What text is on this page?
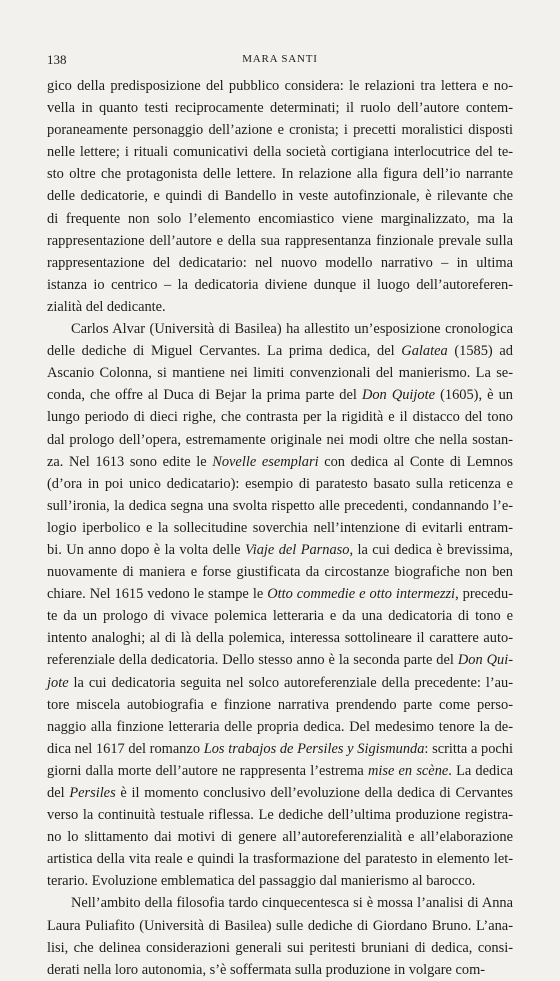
138	MARA SANTI
gico della predisposizione del pubblico considera: le relazioni tra lettera e no-
vella in quanto testi reciprocamente determinati; il ruolo dell’autore contem-
poraneamente personaggio dell’azione e cronista; i precetti moralistici disposti
nelle lettere; i rituali comunicativi della società cortigiana interlocutrice del te-
sto oltre che protagonista delle lettere. In relazione alla figura dell’io narrante
delle dedicatorie, e quindi di Bandello in veste autofinzionale, è rilevante che
di frequente non solo l’elemento encomiastico viene marginalizzato, ma la
rappresentazione dell’autore e della sua rappresentanza finzionale prevale sulla
rappresentazione del dedicatario: nel nuovo modello narrativo – in ultima
istanza io centrico – la dedicatoria diviene dunque il luogo dell’autoreferen-
zialità del dedicante.
Carlos Alvar (Università di Basilea) ha allestito un’esposizione cronologica
delle dediche di Miguel Cervantes. La prima dedica, del Galatea (1585) ad
Ascanio Colonna, si mantiene nei limiti convenzionali del manierismo. La se-
conda, che offre al Duca di Bejar la prima parte del Don Quijote (1605), è un
lungo periodo di dieci righe, che contrasta per la rigidità e il distacco del tono
dal prologo dell’opera, estremamente originale nei modi oltre che nella sostan-
za. Nel 1613 sono edite le Novelle esemplari con dedica al Conte di Lemnos
(d’ora in poi unico dedicatario): esempio di paratesto basato sulla reticenza e
sull’ironia, la dedica segna una svolta rispetto alle precedenti, condannando l’e-
logio iperbolico e la sollecitudine soverchia nell’intenzione di evitarli entram-
bi. Un anno dopo è la volta delle Viaje del Parnaso, la cui dedica è brevissima,
nuovamente di maniera e forse giustificata da circostanze biografiche non ben
chiare. Nel 1615 vedono le stampe le Otto commedie e otto intermezzi, precedu-
te da un prologo di vivace polemica letteraria e da una dedicatoria di tono e
intento analoghi; al di là della polemica, interessa sottolineare il carattere auto-
referenziale della dedicatoria. Dello stesso anno è la seconda parte del Don Qui-
jote la cui dedicatoria seguita nel solco autoreferenziale della precedente: l’au-
tore miscela autobiografia e finzione narrativa prendendo parte come perso-
naggio alla finzione letteraria delle propria dedica. Del medesimo tenore la de-
dica nel 1617 del romanzo Los trabajos de Persiles y Sigismunda: scritta a pochi
giorni dalla morte dell’autore ne rappresenta l’estrema mise en scène. La dedica
del Persiles è il momento conclusivo dell’evoluzione della dedica di Cervantes
verso la continuità testuale riflessa. Le dediche dell’ultima produzione registra-
no lo slittamento dai motivi di genere all’autoreferenzialità e all’elaborazione
artistica della vita reale e quindi la trasformazione del paratesto in elemento let-
terario. Evoluzione emblematica del passaggio dal manierismo al barocco.
Nell’ambito della filosofia tardo cinquecentesca si è mossa l’analisi di Anna
Laura Puliafito (Università di Basilea) sulle dediche di Giordano Bruno. L’ana-
lisi, che delinea considerazioni generali sui peritesti bruniani di dedica, consi-
derati nella loro autonomia, s’è soffermata sulla produzione in volgare com-
